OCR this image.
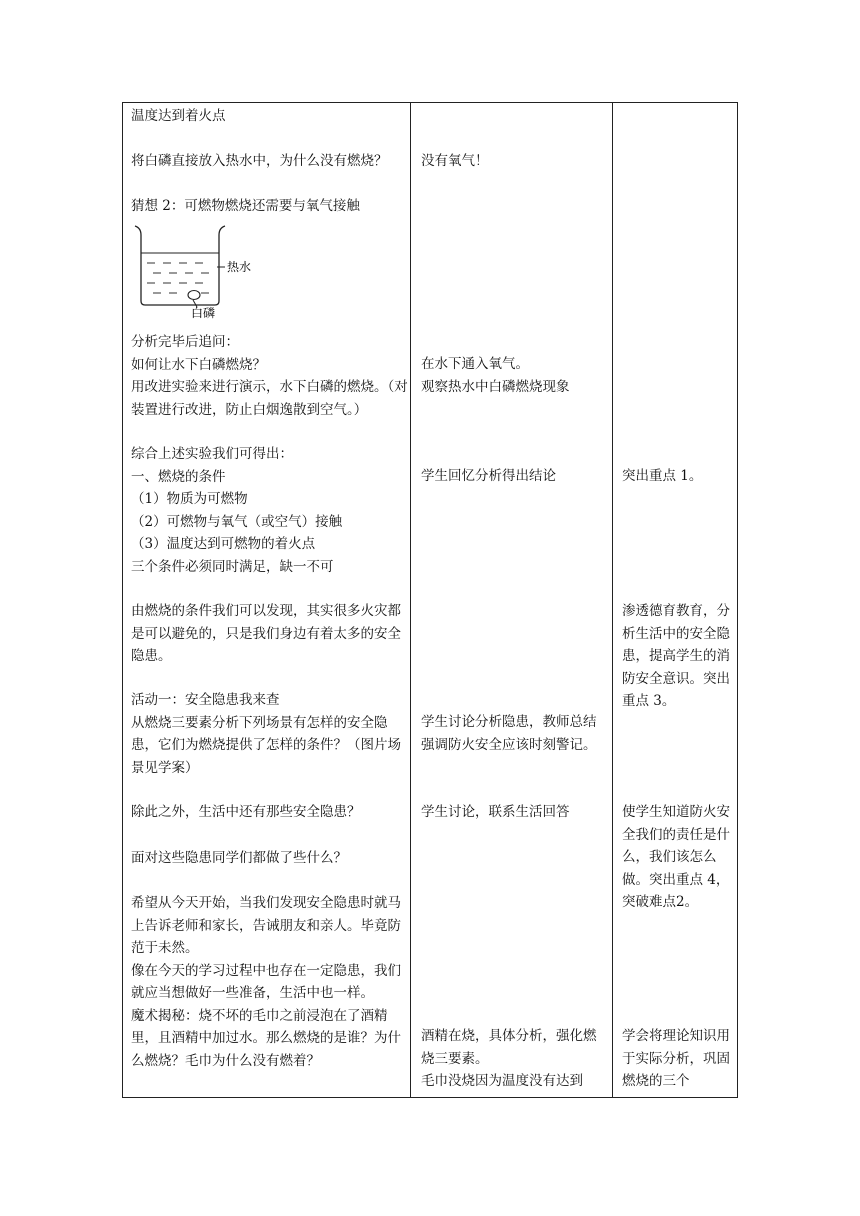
温度达到着火点

将白磷直接放入热水中，为什么没有燃烧？

猜想 2：可燃物燃烧还需要与氧气接触

热水
白磷

分析完毕后追问：
如何让水下白磷燃烧？
用改进实验来进行演示，水下白磷的燃烧。（对装置进行改进，防止白烟逸散到空气。）

综合上述实验我们可得出：
一、燃烧的条件
（1）物质为可燃物
（2）可燃物与氧气（或空气）接触
（3）温度达到可燃物的着火点
三个条件必须同时满足，缺一不可

由燃烧的条件我们可以发现，其实很多火灾都是可以避免的，只是我们身边有着太多的安全隐患。

活动一：安全隐患我来查
从燃烧三要素分析下列场景有怎样的安全隐患，它们为燃烧提供了怎样的条件？（图片场景见学案）

除此之外，生活中还有那些安全隐患？

面对这些隐患同学们都做了些什么？

希望从今天开始，当我们发现安全隐患时就马上告诉老师和家长，告诫朋友和亲人。毕竟防范于未然。
像在今天的学习过程中也存在一定隐患，我们就应当想做好一些准备，生活中也一样。
魔术揭秘：烧不坏的毛巾之前浸泡在了酒精里，且酒精中加过水。那么燃烧的是谁？为什么燃烧？毛巾为什么没有燃着？

没有氧气！

在水下通入氧气。
观察热水中白磷燃烧现象

学生回忆分析得出结论

学生讨论分析隐患，教师总结强调防火安全应该时刻警记。

学生讨论，联系生活回答

酒精在烧，具体分析，强化燃烧三要素。
毛巾没烧因为温度没有达到

突出重点 1。

渗透德育教育，分析生活中的安全隐患，提高学生的消防安全意识。突出重点 3。

使学生知道防火安全我们的责任是什么，我们该怎么做。突出重点 4，突破难点2。

学会将理论知识用于实际分析，巩固燃烧的三个
